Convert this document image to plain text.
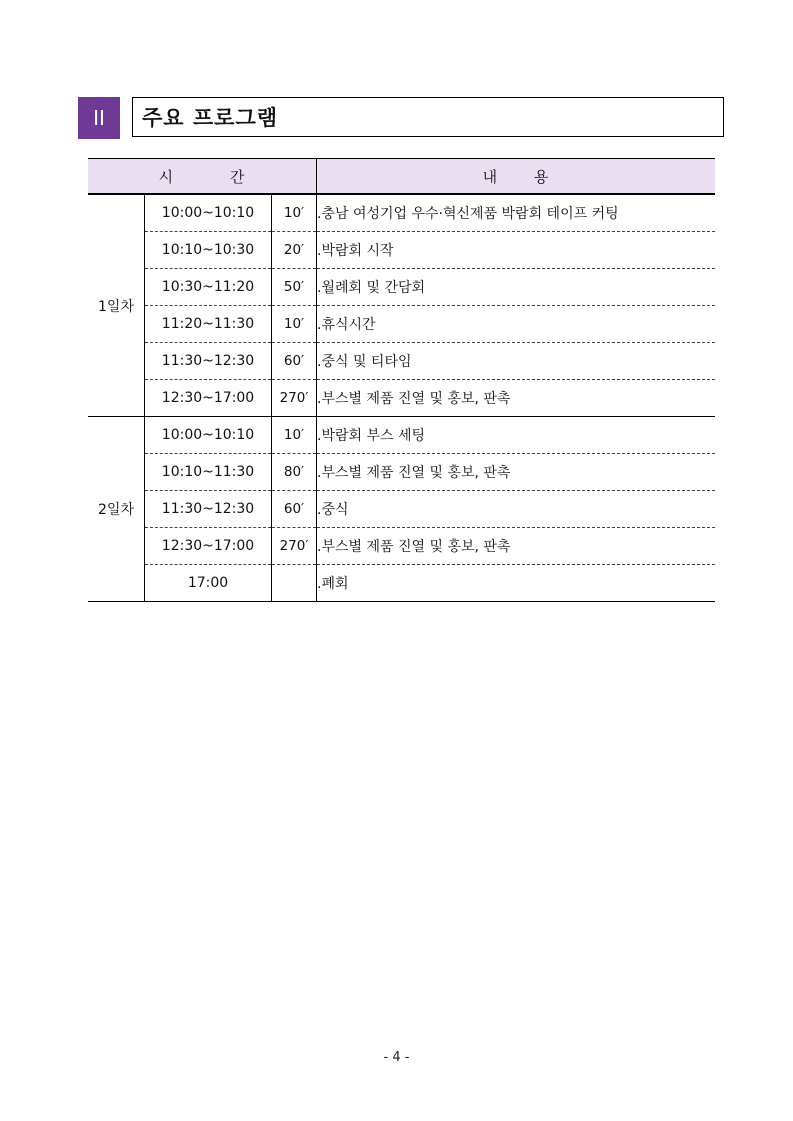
II	주요 프로그램
시 간			내 용
1일차	10:00~10:10	10′	.충남 여성기업 우수·혁신제품 박람회 테이프 커팅
	10:10~10:30	20′	.박람회 시작
	10:30~11:20	50′	.월례회 및 간담회
	11:20~11:30	10′	.휴식시간
	11:30~12:30	60′	.중식 및 티타임
	12:30~17:00	270′	.부스별 제품 진열 및 홍보, 판촉
2일차	10:00~10:10	10′	.박람회 부스 세팅
	10:10~11:30	80′	.부스별 제품 진열 및 홍보, 판촉
	11:30~12:30	60′	.중식
	12:30~17:00	270′	.부스별 제품 진열 및 홍보, 판촉
	17:00		.폐회
- 4 -
